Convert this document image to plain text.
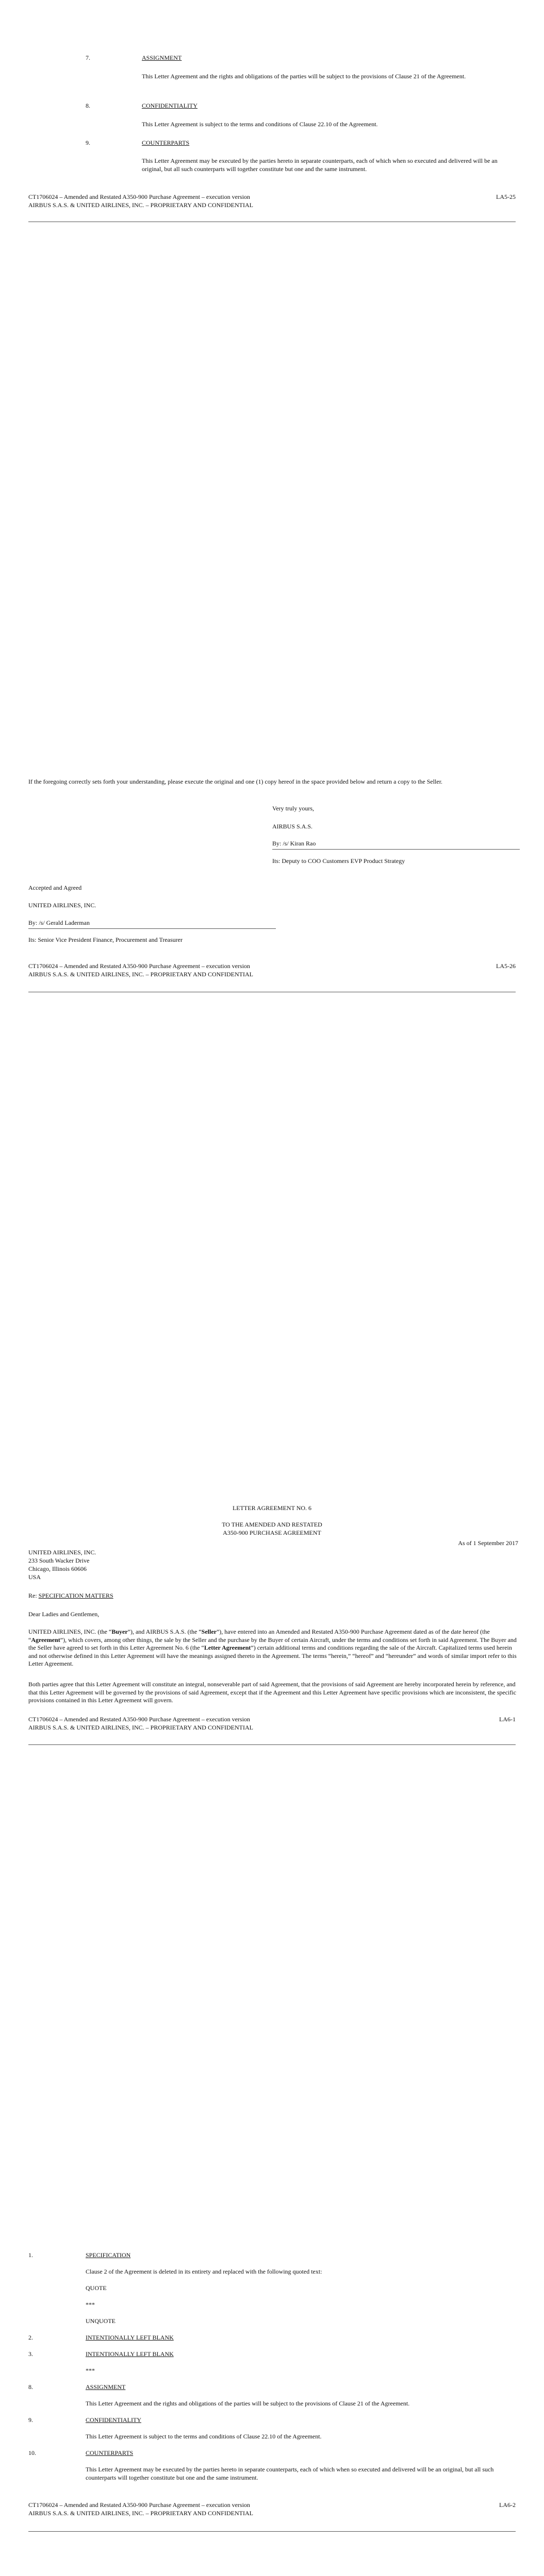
7.	ASSIGNMENT

This Letter Agreement and the rights and obligations of the parties will be subject to the provisions of Clause 21 of the Agreement.

8.	CONFIDENTIALITY

This Letter Agreement is subject to the terms and conditions of Clause 22.10 of the Agreement.

9.	COUNTERPARTS

This Letter Agreement may be executed by the parties hereto in separate counterparts, each of which when so executed and delivered will be an original, but all such counterparts will together constitute but one and the same instrument.

CT1706024 – Amended and Restated A350-900 Purchase Agreement – execution version
AIRBUS S.A.S. & UNITED AIRLINES, INC. – PROPRIETARY AND CONFIDENTIAL
LA5-25

If the foregoing correctly sets forth your understanding, please execute the original and one (1) copy hereof in the space provided below and return a copy to the Seller.

Very truly yours,
AIRBUS S.A.S.
By: /s/ Kiran Rao
Its: Deputy to COO Customers EVP Product Strategy
Accepted and Agreed
UNITED AIRLINES, INC.
By: /s/ Gerald Laderman
Its: Senior Vice President Finance, Procurement and Treasurer
CT1706024 – Amended and Restated A350-900 Purchase Agreement – execution version
AIRBUS S.A.S. & UNITED AIRLINES, INC. – PROPRIETARY AND CONFIDENTIAL
LA5-26
LETTER AGREEMENT NO. 6
TO THE AMENDED AND RESTATED
A350-900 PURCHASE AGREEMENT
As of 1 September 2017
UNITED AIRLINES, INC.
233 South Wacker Drive
Chicago, Illinois 60606
USA
Re: SPECIFICATION MATTERS
Dear Ladies and Gentlemen,

UNITED AIRLINES, INC. (the “Buyer”), and AIRBUS S.A.S. (the “Seller”), have entered into an Amended and Restated A350-900 Purchase Agreement dated as of the date hereof (the “Agreement”), which covers, among other things, the sale by the Seller and the purchase by the Buyer of certain Aircraft, under the terms and conditions set forth in said Agreement. The Buyer and the Seller have agreed to set forth in this Letter Agreement No. 6 (the “Letter Agreement”) certain additional terms and conditions regarding the sale of the Aircraft. Capitalized terms used herein and not otherwise defined in this Letter Agreement will have the meanings assigned thereto in the Agreement. The terms “herein,” “hereof” and “hereunder” and words of similar import refer to this Letter Agreement.

Both parties agree that this Letter Agreement will constitute an integral, nonseverable part of said Agreement, that the provisions of said Agreement are hereby incorporated herein by reference, and that this Letter Agreement will be governed by the provisions of said Agreement, except that if the Agreement and this Letter Agreement have specific provisions which are inconsistent, the specific provisions contained in this Letter Agreement will govern.

CT1706024 – Amended and Restated A350-900 Purchase Agreement – execution version
AIRBUS S.A.S. & UNITED AIRLINES, INC. – PROPRIETARY AND CONFIDENTIAL
LA6-1
1.	SPECIFICATION

Clause 2 of the Agreement is deleted in its entirety and replaced with the following quoted text:

QUOTE
***
UNQUOTE
2.	INTENTIONALLY LEFT BLANK
3.	INTENTIONALLY LEFT BLANK
***
8.	ASSIGNMENT

This Letter Agreement and the rights and obligations of the parties will be subject to the provisions of Clause 21 of the Agreement.

9.	CONFIDENTIALITY

This Letter Agreement is subject to the terms and conditions of Clause 22.10 of the Agreement.

10.	COUNTERPARTS

This Letter Agreement may be executed by the parties hereto in separate counterparts, each of which when so executed and delivered will be an original, but all such counterparts will together constitute but one and the same instrument.

CT1706024 – Amended and Restated A350-900 Purchase Agreement – execution version
AIRBUS S.A.S. & UNITED AIRLINES, INC. – PROPRIETARY AND CONFIDENTIAL
LA6-2
